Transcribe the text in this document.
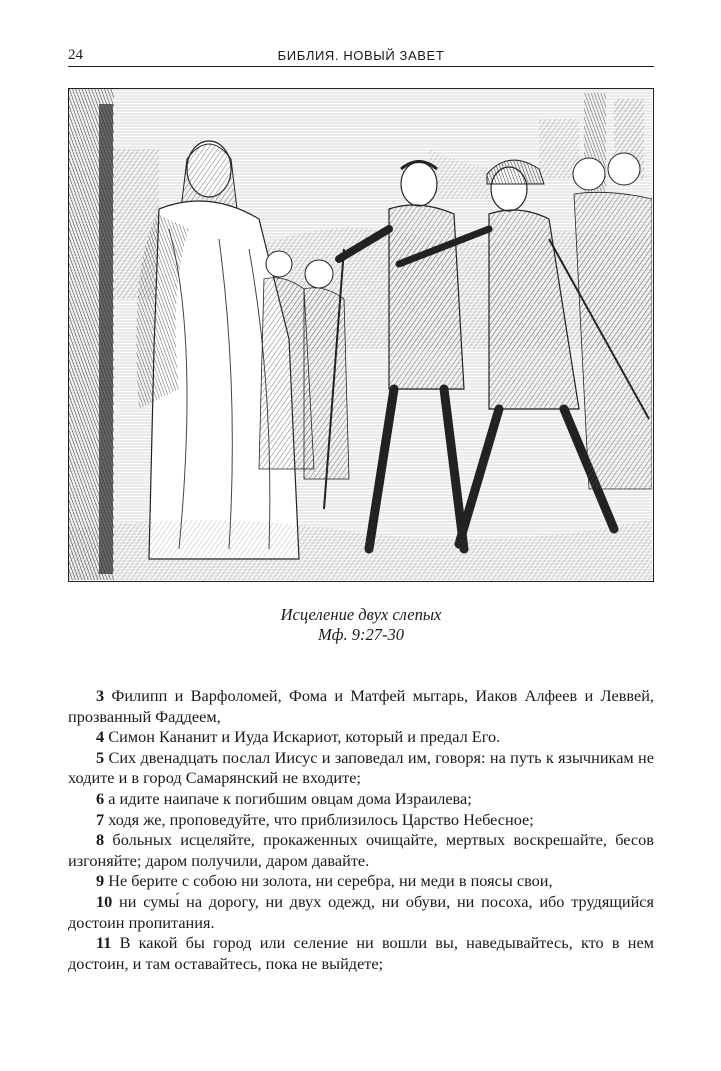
24	БИБЛИЯ. НОВЫЙ ЗАВЕТ
Исцеление двух слепых
Мф. 9:27-30

3 Филипп и Варфоломей, Фома и Матфей мытарь, Иаков Алфеев и Леввей, прозванный Фаддеем,

4 Симон Кананит и Иуда Искариот, который и предал Его.

5 Сих двенадцать послал Иисус и заповедал им, говоря: на путь к язычникам не ходите и в город Самарянский не входите;

6 а идите наипаче к погибшим овцам дома Израилева;

7 ходя же, проповедуйте, что приблизилось Царство Небесное;

8 больных исцеляйте, прокаженных очищайте, мертвых воскрешайте, бесов изгоняйте; даром получили, даром давайте.

9 Не берите с собою ни золота, ни серебра, ни меди в поясы свои,

10 ни сумы́ на дорогу, ни двух одежд, ни обуви, ни посоха, ибо трудящийся достоин пропитания.

11 В какой бы город или селение ни вошли вы, наведывайтесь, кто в нем достоин, и там оставайтесь, пока не выйдете;
